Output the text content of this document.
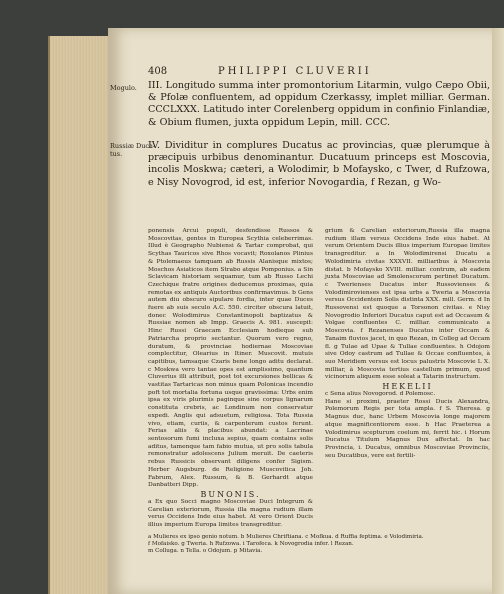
408	PHILIPPI CLUVERII
Mogulo. III. Longitudo summa inter promontorium Litarmin, vulgo Cæpo Obii, & Pfolæ confluentem, ad oppidum Czerkassy, implet milliar. German. CCCLXXX. Latitudo inter Corelenberg oppidum in confinio Finlandiæ, & Obium flumen, juxta oppidum Lepin, mill. CCC.
Russiæ Duca-
tus.
IV. Dividitur in complures Ducatus ac provincias, quæ plerumque à præcipuis urbibus denominantur. Ducatuum princeps est Moscovia, incolis Moskwa; cæteri, a Wolodimir, b Mofaysko, c Twer, d Rufzowa, e Nisy Novogrod, id est, inferior Novogardia, f Rezan, g Wo-

ponensis Arcui populi, desfendisse Russos & Moscovitas, gentes in Europea Scythia celeberrimas. Illud è Geographo Nubiensi & Tartar comprobat, qui Scythas Tauricos sive Rhos vocavit; Roxolanos Plinius & Ptolemaeus tamquam ab Russis Alanisque mixtos; Moschos Asiaticos item Strabo atque Pomponius. a Sin Sclavicam historiam sequamur, tum ab Russo Lechi Czechique fratre origines deducemus proximas, quia remotas ex antiquis Auctoribus confirmavimus. b Gens autem diu obscuro sipulare fordia, inter quae Duces fuere ab suis seculo A.C. 550. circiter obscura latuit, donec Wolodimirus Constantinopoli baptizatus & Russiae nomen ab Impp. Graecis A. 981. suscepit: Hinc Russi Graecam Ecclesiam hodieque sub Patriarcha proprio sectantur. Quorum vero regno, duratum, & provinciae hodiernae Moscoviae complectitur, Olearius in Itiner. Muscovit. mutuis capitibus, tamsaque Czaris bene longo aditu declarat. c Moskwa vero tantae opes est amplissimo, quantum Cluverius illi attribuit, post tot excursiones bellicas & vastitas Tartaricas non minus quam Polonicas incendio poft tot mortalia fortuna usque gravissima: Urbs enim ipsa ex viris plurimis paginque sine corpus lignarum constituta crebris, ac Londinum non conservatur expedi. Anglis qui adsuetum, religiosa. Tota Russia vivo, etiam, curiis, & carpenterum custos ferunt. Ferias aliis & placibus abundat: a Lacrinae sentosorum fumi incluxa sepius, quam contains solis aditus, tamenque tam fabio mutua, ut pro solis tabula remonstratur adolescens Julium meruit. De caeteris rebus Russicis observant diligens confer Sigism. Herber Augsburg. de Religione Muscovitica Joh. Fabrum, Alex. Russum, & B. Gerhardt atque Danbatteri Dipp.

BUNONIS.

a Ex quo Socci magno Moscoviae Duci Integrum & Carelian exteriorum, Russia illa magna rudium illam verus Occidens Inde eius habet. At vero Orient Ducis illius imperium Europa limites transgreditur.

grium & Carelian exteriorum,Russia illa magna rudium illam versus Occidens Inde eius habet. At verum Orientem Ducis illius imperium Europae limites transgreditur. a In Wolodimirensi Ducatu a Wolodimiria civitas XXXVII. milliaribus à Moscovia distat. b Mofaysko XVIII. milliar. contrum, ab eadem juxta Moscoviae ad Smolenscorum pertinet Ducatum. c Twerienses Ducatus inter Russovienses & Volodimirovienses est ipsa urbs a Tweria a Moscovia versus Occidentem Solis distinta XXX. mill. Germ. d In Russovensi est quoque a Torsonon civitas. e Nisy Novogrodio Inferiori Ducatus caput est ad Occasum & Volgae confluentes C. milliar. communicato a Moscovia. f Rezanenses Ducatus inter Occam & Tanaim fluvios jacet, in quo Rezan, in Colleg ad Occam fl. g Tulae ad Upae & Tullae confluentes. h Odojom sive Odoy castrum ad Tullae & Occae confluentes, à suo Meridiem versus est locus palustris Moscovie L X. milliar, à Moscovia tertius castellum primum, quod vicinorum aliquem esse soleat a Tatarin instructum.

HEKELII

c Sena alius Novogorod. d Polemosc.

Hane si proximi, praeter Rossi Ducis Alexandra, Polemorum Regis per tota ampla. f S. Theresa. g Magnus duc, hanc Urbem Moscovia longe majorem atque magnificentiorem esse. h Hac Praeterea a Volodimirus scepturum coelum mi, ferrit hic. i Horum Ducatus Titulum Magnus Dux affectat. In hac Provincia, i. Ducatus, omnibus Moscoviae Provinciis, seu Ducatibus, vere est fertili-

a Mulieres ex ipso genio notum. b Mulieres Chriftiana. c Mofkua. d Ruffia feptima. e Volodimiria.

f Mofaisko. g Tweria. h Rufzowa. i Tarofeca. k Novogrodia infer. l Rezan.

m Colluga. n Tella. o Odojum. p Mitavia.
